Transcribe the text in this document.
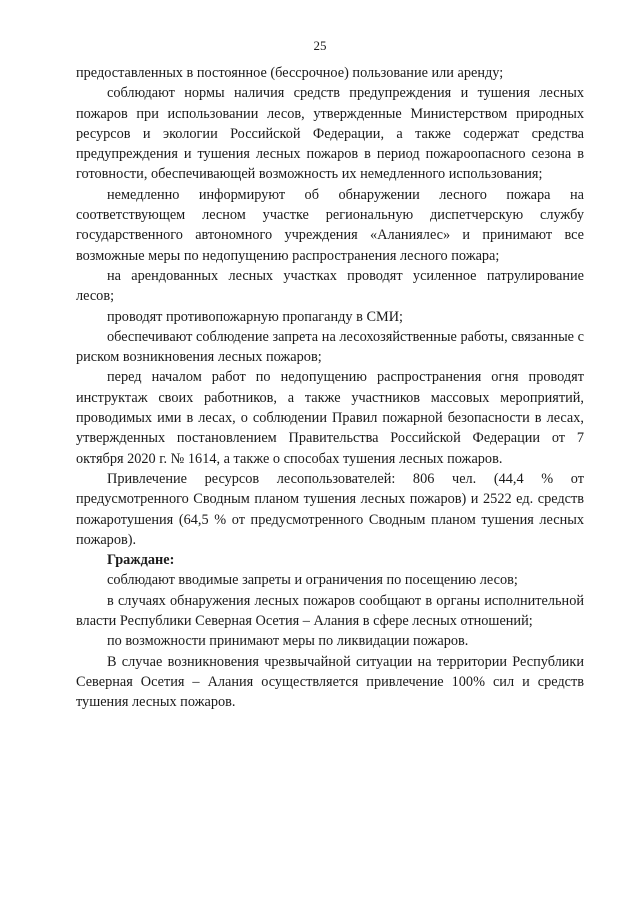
25

предоставленных в постоянное (бессрочное) пользование или аренду;

соблюдают нормы наличия средств предупреждения и тушения лесных пожаров при использовании лесов, утвержденные Министерством природных ресурсов и экологии Российской Федерации, а также содержат средства предупреждения и тушения лесных пожаров в период пожароопасного сезона в готовности, обеспечивающей возможность их немедленного использования;

немедленно информируют об обнаружении лесного пожара на соответствующем лесном участке региональную диспетчерскую службу государственного автономного учреждения «Аланиялес» и принимают все возможные меры по недопущению распространения лесного пожара;

на арендованных лесных участках проводят усиленное патрулирование лесов;

проводят противопожарную пропаганду в СМИ;

обеспечивают соблюдение запрета на лесохозяйственные работы, связанные с риском возникновения лесных пожаров;

перед началом работ по недопущению распространения огня проводят инструктаж своих работников, а также участников массовых мероприятий, проводимых ими в лесах, о соблюдении Правил пожарной безопасности в лесах, утвержденных постановлением Правительства Российской Федерации от 7 октября 2020 г. № 1614, а также о способах тушения лесных пожаров.

Привлечение ресурсов лесопользователей: 806 чел. (44,4 % от предусмотренного Сводным планом тушения лесных пожаров) и 2522 ед. средств пожаротушения (64,5 % от предусмотренного Сводным планом тушения лесных пожаров).

Граждане:

соблюдают вводимые запреты и ограничения по посещению лесов;

в случаях обнаружения лесных пожаров сообщают в органы исполнительной власти Республики Северная Осетия – Алания в сфере лесных отношений;

по возможности принимают меры по ликвидации пожаров.

В случае возникновения чрезвычайной ситуации на территории Республики Северная Осетия – Алания осуществляется привлечение 100% сил и средств тушения лесных пожаров.
